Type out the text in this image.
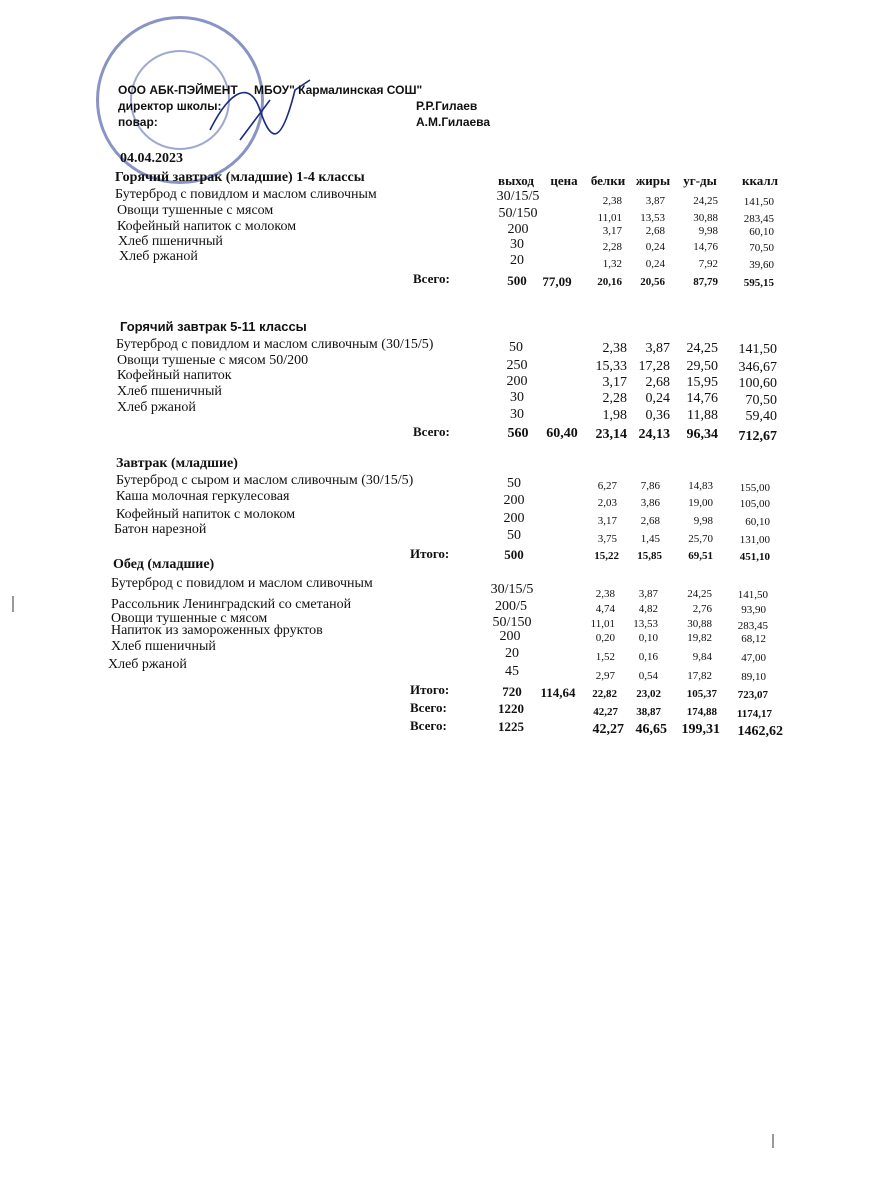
ООО АБК-ПЭЙМЕНТ МБОУ" Кармалинская СОШ"
директор школы:	Р.Р.Гилаев
повар:	А.М.Гилаева
04.04.2023
выход цена белки жиры уг-ды ккалл
Горячий завтрак (младшие) 1-4 классы
Бутерброд с повидлом и маслом сливочным	30/15/5	2,38 3,87	24,25 141,50
Овощи тушенные с мясом	50/150	11,01 13,53	30,88 283,45
Кофейный напиток с молоком	200	3,17 2,68	9,98	60,10
Хлеб пшеничный	30	2,28 0,24	14,76	70,50
Хлеб ржаной	20	1,32 0,24	7,92	39,60
Всего:	500 77,09 20,16 20,56	87,79 595,15
Горячий завтрак 5-11 классы
Бутерброд с повидлом и маслом сливочным (30/15/5)	50	2,38 3,87 24,25 141,50
Овощи тушеные с мясом 50/200	250	15,33 17,28 29,50 346,67
Кофейный напиток	200	3,17 2,68 15,95 100,60
Хлеб пшеничный	30	2,28 0,24 14,76 70,50
Хлеб ржаной	30	1,98 0,36 11,88 59,40
Всего:	560 60,40 23,14 24,13 96,34 712,67
Завтрак (младшие)
Бутерброд с сыром и маслом сливочным (30/15/5)	50	6,27 7,86	14,83 155,00
Каша молочная геркулесовая	200	2,03 3,86	19,00 105,00
Кофейный напиток с молоком	200	3,17 2,68	9,98	60,10
Батон нарезной	50	3,75 1,45	25,70 131,00
Итого:	500	15,22 15,85 69,51 451,10
Обед (младшие)
Бутерброд с повидлом и маслом сливочным	30/15/5	2,38 3,87	24,25 141,50
Рассольник Ленинградский со сметаной	200/5	4,74 4,82	2,76	93,90
Овощи тушенные с мясом	50/150	11,01 13,53	30,88 283,45
Напиток из замороженных фруктов	200	0,20 0,10	19,82	68,12
Хлеб пшеничный	20	1,52 0,16	9,84	47,00
Хлеб ржаной	45	2,97 0,54	17,82	89,10
Итого:	720 114,64 22,82 23,02 105,37 723,07
Всего:	1220	42,27 38,87 174,88 1174,17
Всего:	1225	42,27 46,65 199,31 1462,62
